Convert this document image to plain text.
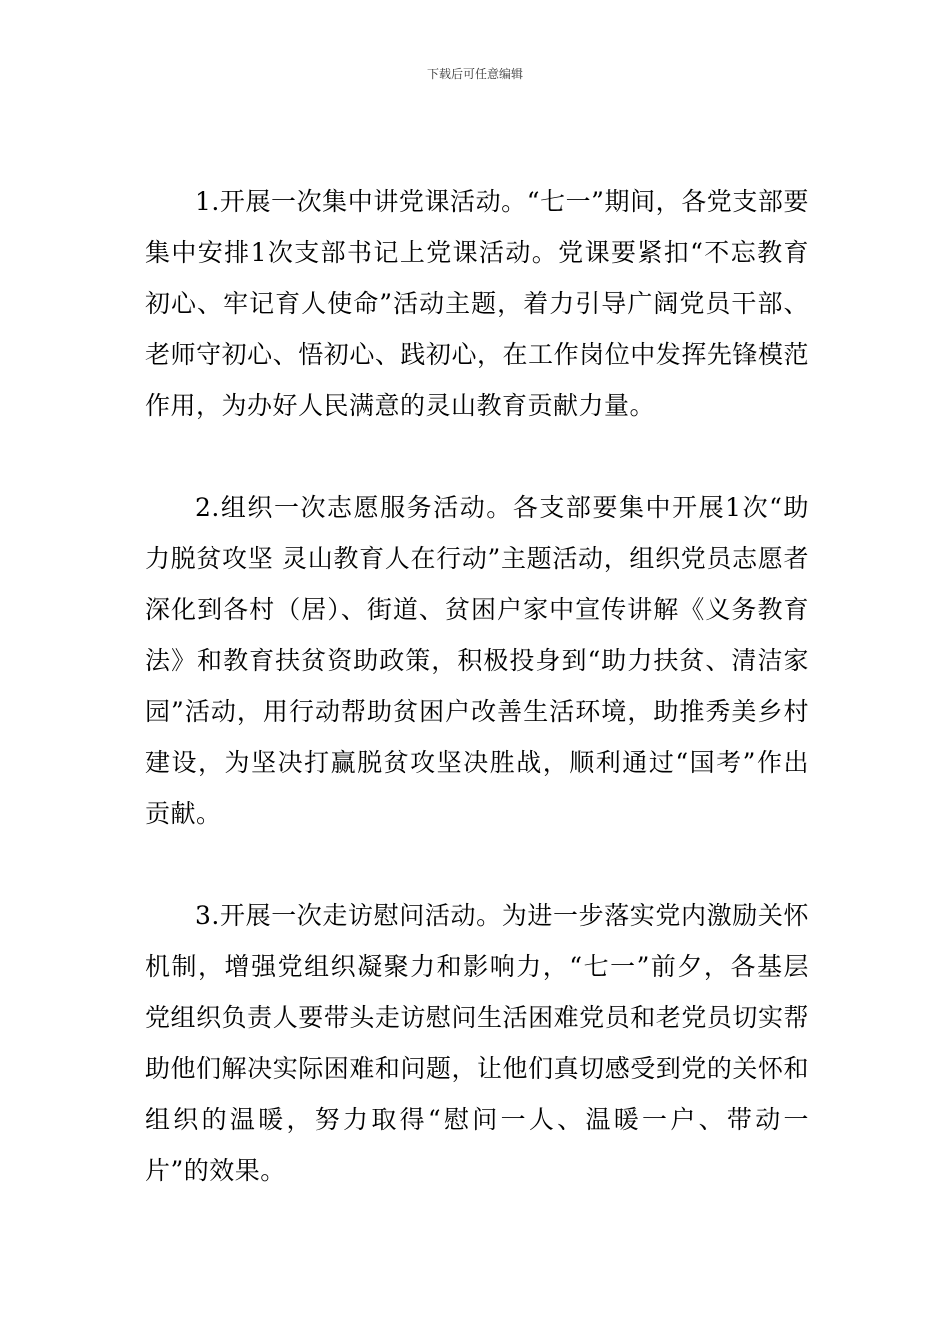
下载后可任意编辑

1.开展一次集中讲党课活动。“七一”期间，各党支部要集中安排1次支部书记上党课活动。党课要紧扣“不忘教育初心、牢记育人使命”活动主题，着力引导广阔党员干部、老师守初心、悟初心、践初心，在工作岗位中发挥先锋模范作用，为办好人民满意的灵山教育贡献力量。

2.组织一次志愿服务活动。各支部要集中开展1次“助力脱贫攻坚 灵山教育人在行动”主题活动，组织党员志愿者深化到各村（居）、街道、贫困户家中宣传讲解《义务教育法》和教育扶贫资助政策，积极投身到“助力扶贫、清洁家园”活动，用行动帮助贫困户改善生活环境，助推秀美乡村建设，为坚决打赢脱贫攻坚决胜战，顺利通过“国考”作出贡献。

3.开展一次走访慰问活动。为进一步落实党内激励关怀机制，增强党组织凝聚力和影响力，“七一”前夕，各基层党组织负责人要带头走访慰问生活困难党员和老党员切实帮助他们解决实际困难和问题，让他们真切感受到党的关怀和组织的温暖，努力取得“慰问一人、温暖一户、带动一片”的效果。
